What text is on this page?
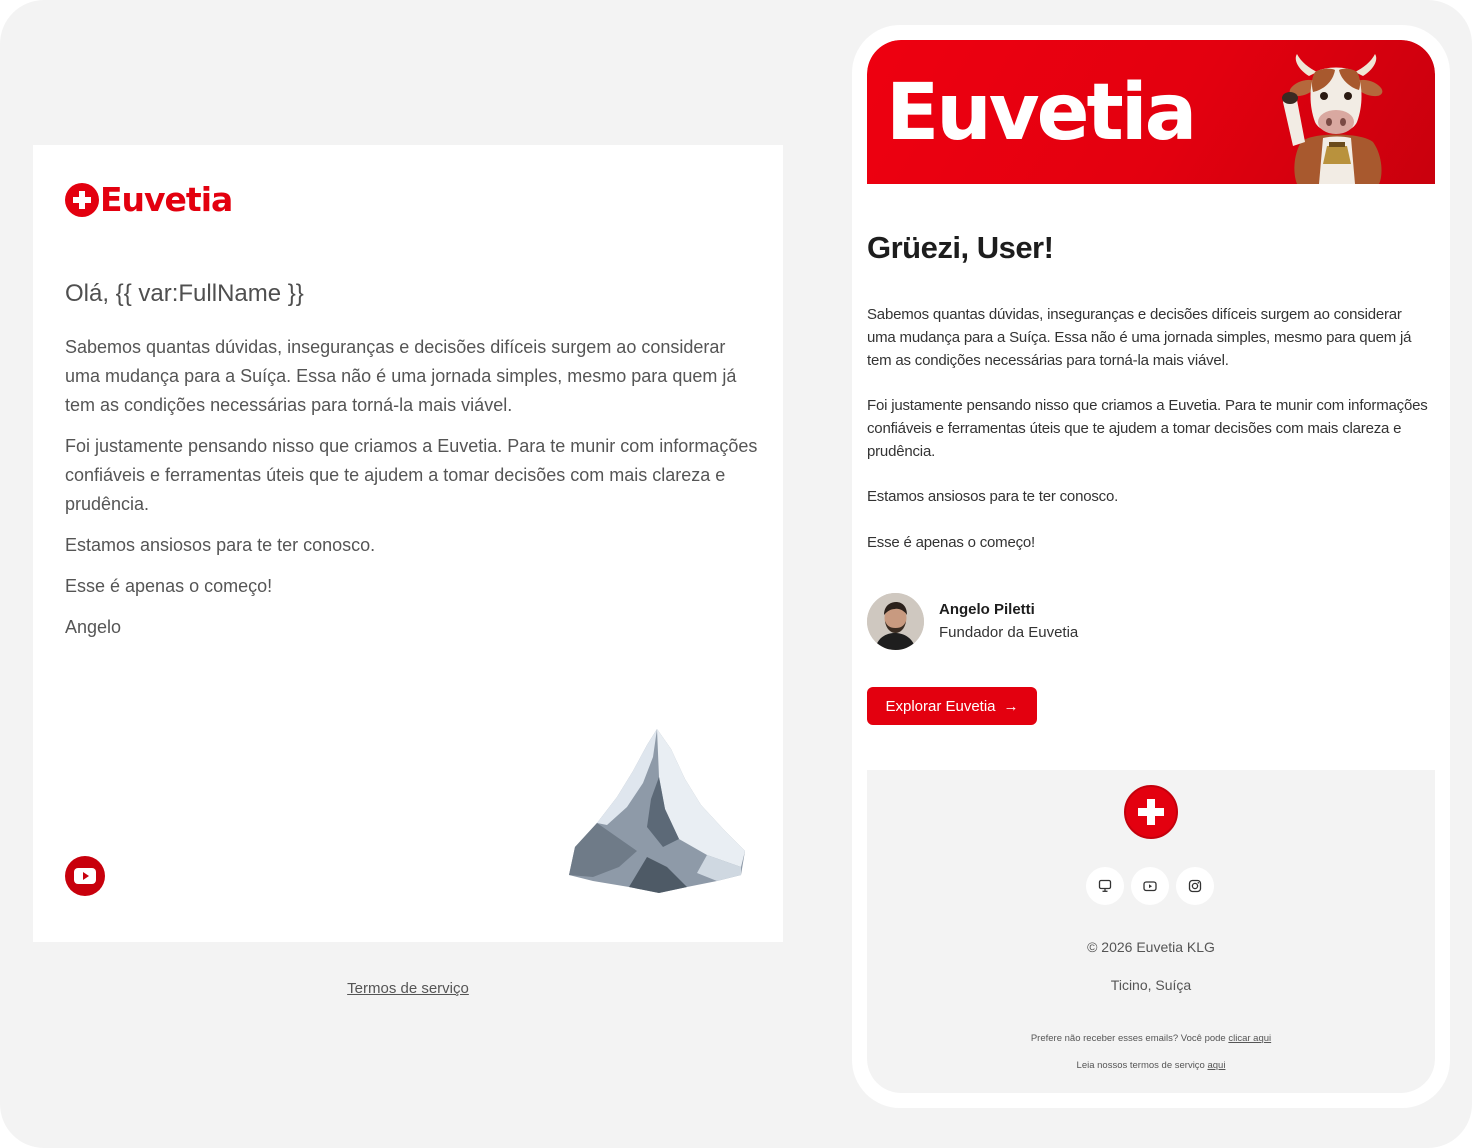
Euvetia
Olá, {{ var:FullName }}

Sabemos quantas dúvidas, inseguranças e decisões difíceis surgem ao considerar uma mudança para a Suíça. Essa não é uma jornada simples, mesmo para quem já tem as condições necessárias para torná-la mais viável.

Foi justamente pensando nisso que criamos a Euvetia. Para te munir com informações confiáveis e ferramentas úteis que te ajudem a tomar decisões com mais clareza e prudência.

Estamos ansiosos para te ter conosco.

Esse é apenas o começo!

Angelo

Termos de serviço
Euvetia
Grüezi, User!

Sabemos quantas dúvidas, inseguranças e decisões difíceis surgem ao considerar uma mudança para a Suíça. Essa não é uma jornada simples, mesmo para quem já tem as condições necessárias para torná-la mais viável.

Foi justamente pensando nisso que criamos a Euvetia. Para te munir com informações confiáveis e ferramentas úteis que te ajudem a tomar decisões com mais clareza e prudência.

Estamos ansiosos para te ter conosco.

Esse é apenas o começo!

Angelo Piletti
Fundador da Euvetia
Explorar Euvetia →
© 2026 Euvetia KLG
Ticino, Suíça
Prefere não receber esses emails? Você pode clicar aqui
Leia nossos termos de serviço aqui
